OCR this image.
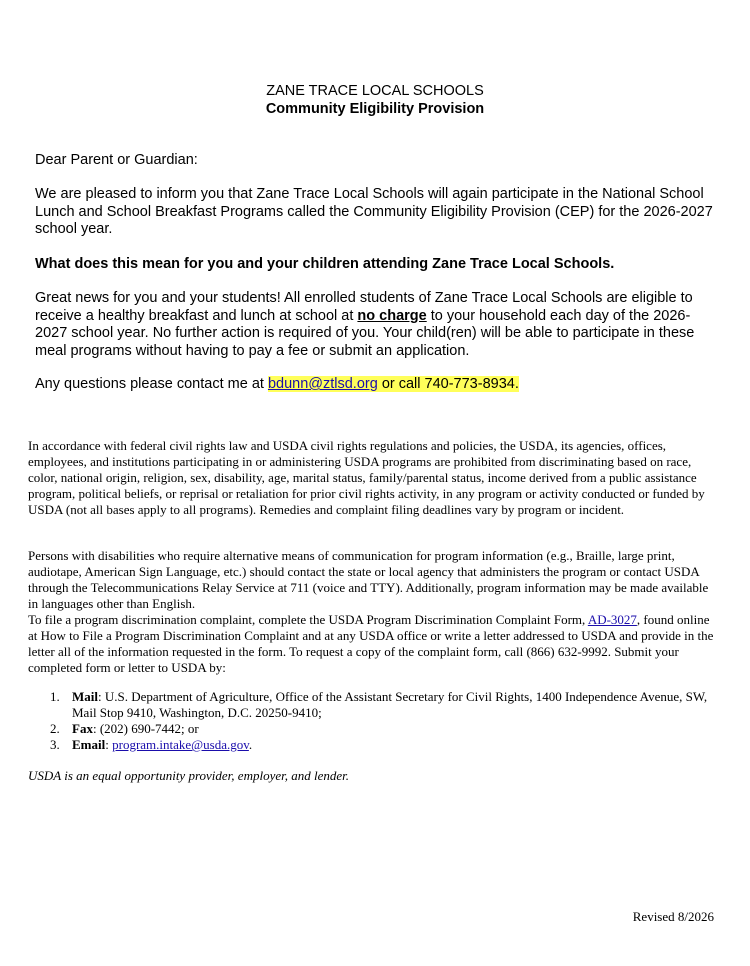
ZANE TRACE LOCAL SCHOOLS
Community Eligibility Provision

Dear Parent or Guardian:

We are pleased to inform you that Zane Trace Local Schools will again participate in the National School Lunch and School Breakfast Programs called the Community Eligibility Provision (CEP) for the 2026-2027 school year.

What does this mean for you and your children attending Zane Trace Local Schools.

Great news for you and your students! All enrolled students of Zane Trace Local Schools are eligible to receive a healthy breakfast and lunch at school at no charge to your household each day of the 2026-2027 school year. No further action is required of you. Your child(ren) will be able to participate in these meal programs without having to pay a fee or submit an application.

Any questions please contact me at bdunn@ztlsd.org or call 740-773-8934.

In accordance with federal civil rights law and USDA civil rights regulations and policies, the USDA, its agencies, offices, employees, and institutions participating in or administering USDA programs are prohibited from discriminating based on race, color, national origin, religion, sex, disability, age, marital status, family/parental status, income derived from a public assistance program, political beliefs, or reprisal or retaliation for prior civil rights activity, in any program or activity conducted or funded by USDA (not all bases apply to all programs). Remedies and complaint filing deadlines vary by program or incident.

Persons with disabilities who require alternative means of communication for program information (e.g., Braille, large print, audiotape, American Sign Language, etc.) should contact the state or local agency that administers the program or contact USDA through the Telecommunications Relay Service at 711 (voice and TTY). Additionally, program information may be made available in languages other than English.

To file a program discrimination complaint, complete the USDA Program Discrimination Complaint Form, AD-3027, found online at How to File a Program Discrimination Complaint and at any USDA office or write a letter addressed to USDA and provide in the letter all of the information requested in the form. To request a copy of the complaint form, call (866) 632-9992. Submit your completed form or letter to USDA by:

1. Mail: U.S. Department of Agriculture, Office of the Assistant Secretary for Civil Rights, 1400 Independence Avenue, SW, Mail Stop 9410, Washington, D.C. 20250-9410;
2. Fax: (202) 690-7442; or
3. Email: program.intake@usda.gov.

USDA is an equal opportunity provider, employer, and lender.

Revised 8/2026
